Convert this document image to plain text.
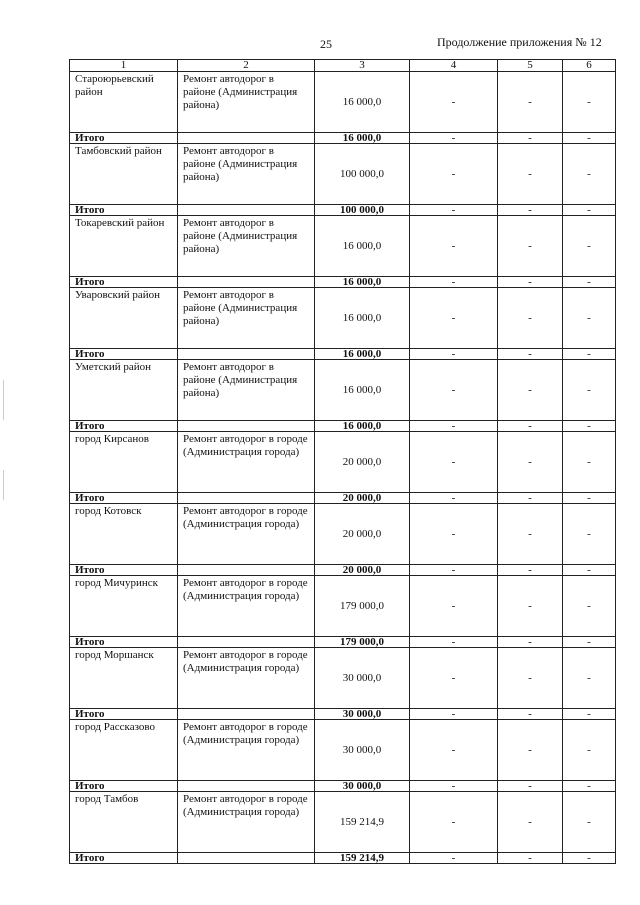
25	Продолжение приложения № 12
1	2	3	4	5	6
Староюрьевский район	Ремонт автодорог в районе (Администрация района)	16 000,0	-	-	-
Итого		16 000,0	-	-	-
Тамбовский район	Ремонт автодорог в районе (Администрация района)	100 000,0	-	-	-
Итого		100 000,0	-	-	-
Токаревский район	Ремонт автодорог в районе (Администрация района)	16 000,0	-	-	-
Итого		16 000,0	-	-	-
Уваровский район	Ремонт автодорог в районе (Администрация района)	16 000,0	-	-	-
Итого		16 000,0	-	-	-
Уметский район	Ремонт автодорог в районе (Администрация района)	16 000,0	-	-	-
Итого		16 000,0	-	-	-
город Кирсанов	Ремонт автодорог в городе (Администрация города)	20 000,0	-	-	-
Итого		20 000,0	-	-	-
город Котовск	Ремонт автодорог в городе (Администрация города)	20 000,0	-	-	-
Итого		20 000,0	-	-	-
город Мичуринск	Ремонт автодорог в городе (Администрация города)	179 000,0	-	-	-
Итого		179 000,0	-	-	-
город Моршанск	Ремонт автодорог в городе (Администрация города)	30 000,0	-	-	-
Итого		30 000,0	-	-	-
город Рассказово	Ремонт автодорог в городе (Администрация города)	30 000,0	-	-	-
Итого		30 000,0	-	-	-
город Тамбов	Ремонт автодорог в городе (Администрация города)	159 214,9	-	-	-
Итого		159 214,9	-	-	-
